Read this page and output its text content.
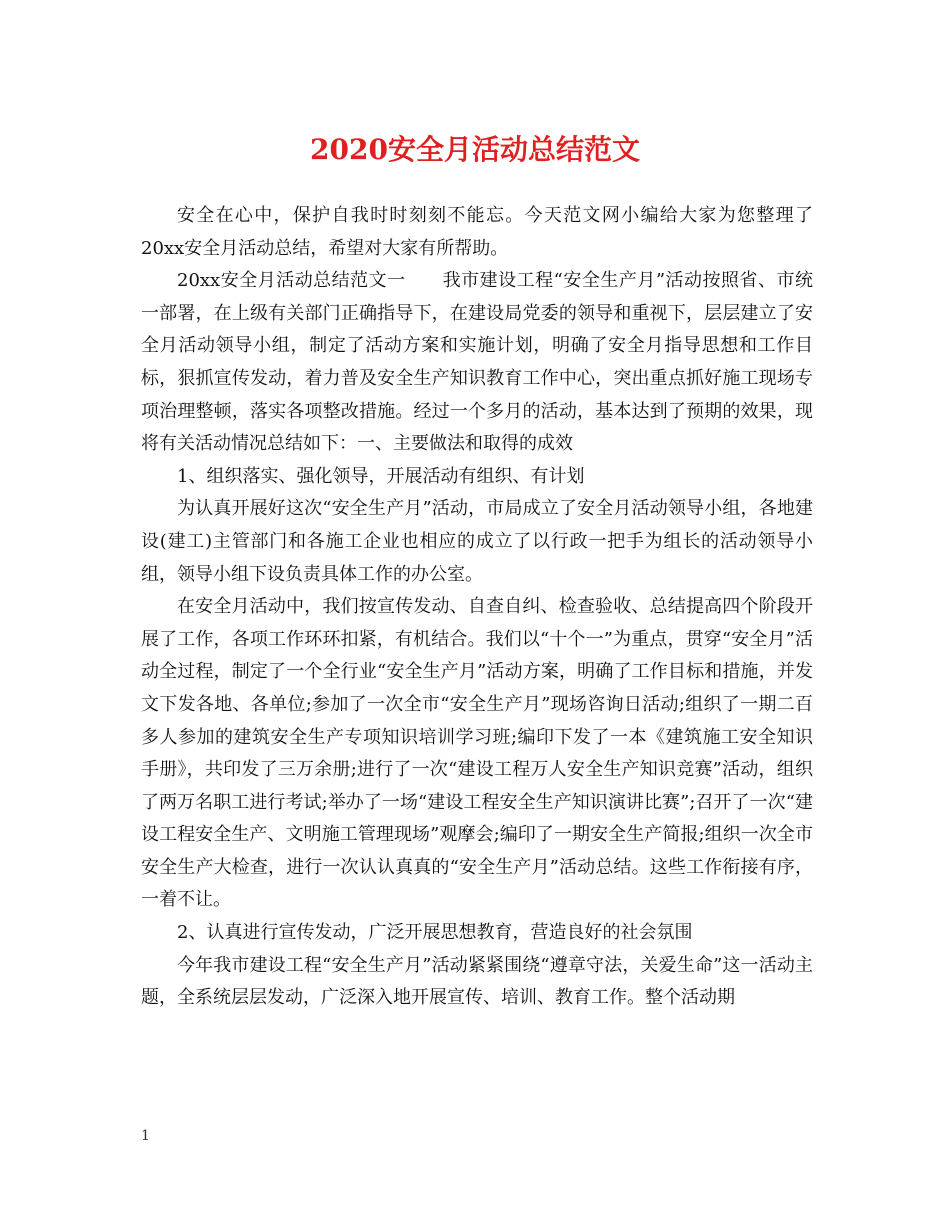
2020安全月活动总结范文

安全在心中，保护自我时时刻刻不能忘。今天范文网小编给大家为您整理了20xx安全月活动总结，希望对大家有所帮助。

20xx安全月活动总结范文一　　我市建设工程“安全生产月”活动按照省、市统一部署，在上级有关部门正确指导下，在建设局党委的领导和重视下，层层建立了安全月活动领导小组，制定了活动方案和实施计划，明确了安全月指导思想和工作目标，狠抓宣传发动，着力普及安全生产知识教育工作中心，突出重点抓好施工现场专项治理整顿，落实各项整改措施。经过一个多月的活动，基本达到了预期的效果，现将有关活动情况总结如下：一、主要做法和取得的成效

1、组织落实、强化领导，开展活动有组织、有计划

为认真开展好这次“安全生产月”活动，市局成立了安全月活动领导小组，各地建设(建工)主管部门和各施工企业也相应的成立了以行政一把手为组长的活动领导小组，领导小组下设负责具体工作的办公室。

在安全月活动中，我们按宣传发动、自查自纠、检查验收、总结提高四个阶段开展了工作，各项工作环环扣紧，有机结合。我们以“十个一”为重点，贯穿“安全月”活动全过程，制定了一个全行业“安全生产月”活动方案，明确了工作目标和措施，并发文下发各地、各单位;参加了一次全市“安全生产月”现场咨询日活动;组织了一期二百多人参加的建筑安全生产专项知识培训学习班;编印下发了一本《建筑施工安全知识手册》，共印发了三万余册;进行了一次“建设工程万人安全生产知识竞赛”活动，组织了两万名职工进行考试;举办了一场“建设工程安全生产知识演讲比赛”;召开了一次“建设工程安全生产、文明施工管理现场”观摩会;编印了一期安全生产简报;组织一次全市安全生产大检查，进行一次认认真真的“安全生产月”活动总结。这些工作衔接有序，一着不让。

2、认真进行宣传发动，广泛开展思想教育，营造良好的社会氛围

今年我市建设工程“安全生产月”活动紧紧围绕“遵章守法，关爱生命”这一活动主题，全系统层层发动，广泛深入地开展宣传、培训、教育工作。整个活动期

1
